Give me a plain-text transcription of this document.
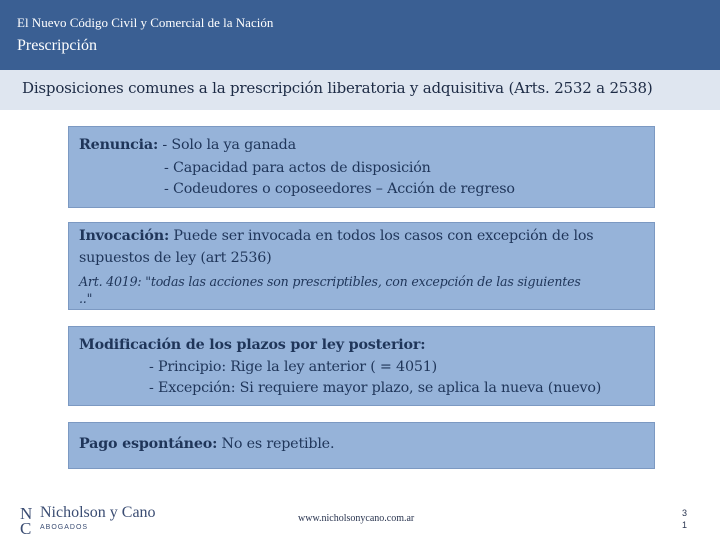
El Nuevo Código Civil y Comercial de la Nación
Prescripción
Disposiciones comunes a la prescripción liberatoria y adquisitiva (Arts. 2532 a 2538)
Renuncia: - Solo la ya ganada
- Capacidad para actos de disposición
- Codeudores o coposeedores – Acción de regreso
Invocación: Puede ser invocada en todos los casos con excepción de los
supuestos de ley (art 2536)
Art. 4019: "todas las acciones son prescriptibles, con excepción de las siguientes
.."
Modificación de los plazos por ley posterior:
- Principio: Rige la ley anterior ( = 4051)
- Excepción: Si requiere mayor plazo, se aplica la nueva (nuevo)
Pago espontáneo: No es repetible.
N
C
Nicholson y Cano
ABOGADOS
www.nicholsonycano.com.ar	3
1
